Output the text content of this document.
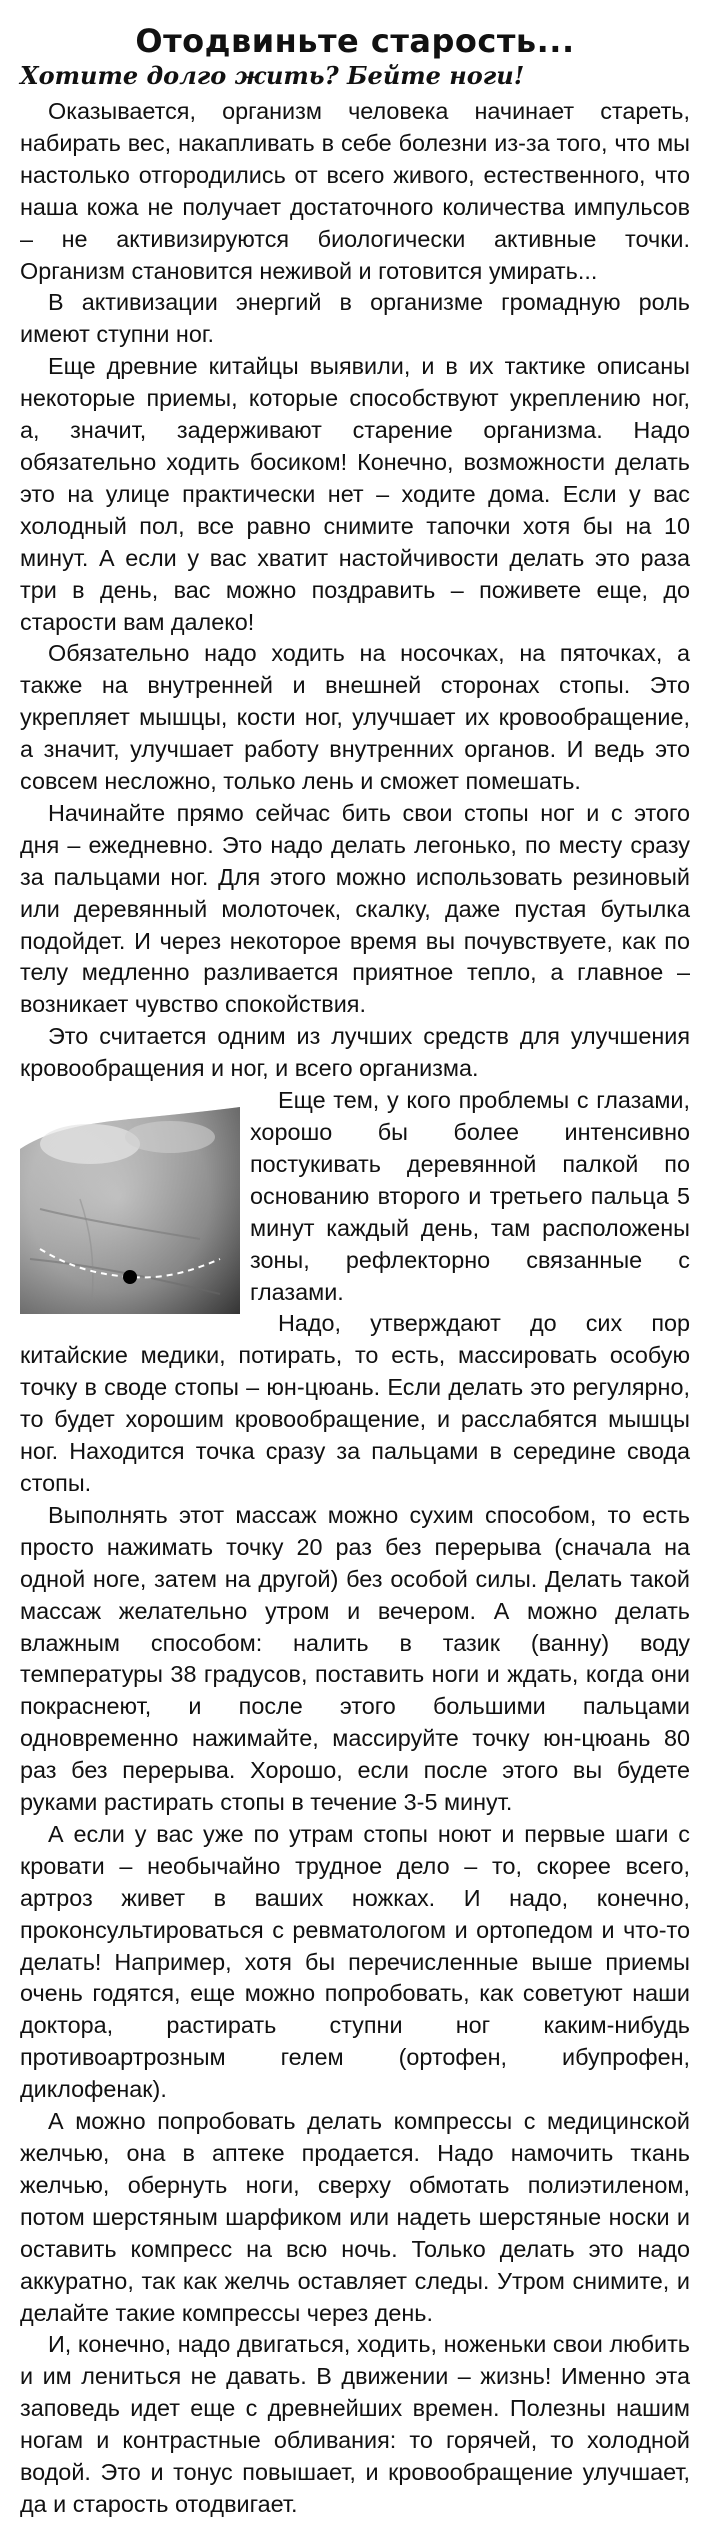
Отодвиньте старость...
Хотите долго жить? Бейте ноги!

Оказывается, организм человека начинает стареть, набирать вес, накапливать в себе болезни из-за того, что мы настолько отгородились от всего живого, естественного, что наша кожа не получает достаточного количества импульсов – не активизируются биологически активные точки. Организм становится неживой и готовится умирать...

В активизации энергий в организме громадную роль имеют ступни ног.

Еще древние китайцы выявили, и в их тактике описаны некоторые приемы, которые способствуют укреплению ног, а, значит, задерживают старение организма. Надо обязательно ходить босиком! Конечно, возможности делать это на улице практически нет – ходите дома. Если у вас холодный пол, все равно снимите тапочки хотя бы на 10 минут. А если у вас хватит настойчивости делать это раза три в день, вас можно поздравить – поживете еще, до старости вам далеко!

Обязательно надо ходить на носочках, на пяточках, а также на внутренней и внешней сторонах стопы. Это укрепляет мышцы, кости ног, улучшает их кровообращение, а значит, улучшает работу внутренних органов. И ведь это совсем несложно, только лень и сможет помешать.

Начинайте прямо сейчас бить свои стопы ног и с этого дня – ежедневно. Это надо делать легонько, по месту сразу за пальцами ног. Для этого можно использовать резиновый или деревянный молоточек, скалку, даже пустая бутылка подойдет. И через некоторое время вы почувствуете, как по телу медленно разливается приятное тепло, а главное – возникает чувство спокойствия.

Это считается одним из лучших средств для улучшения кровообращения и ног, и всего организма.

Еще тем, у кого проблемы с глазами, хорошо бы более интенсивно постукивать деревянной палкой по основанию второго и третьего пальца 5 минут каждый день, там расположены зоны, рефлекторно связанные с глазами.

Надо, утверждают до сих пор китайские медики, потирать, то есть, массировать особую точку в своде стопы – юн-цюань. Если делать это регулярно, то будет хорошим кровообращение, и расслабятся мышцы ног. Находится точка сразу за пальцами в середине свода стопы.

Выполнять этот массаж можно сухим способом, то есть просто нажимать точку 20 раз без перерыва (сначала на одной ноге, затем на другой) без особой силы. Делать такой массаж желательно утром и вечером. А можно делать влажным способом: налить в тазик (ванну) воду температуры 38 градусов, поставить ноги и ждать, когда они покраснеют, и после этого большими пальцами одновременно нажимайте, массируйте точку юн-цюань 80 раз без перерыва. Хорошо, если после этого вы будете руками растирать стопы в течение 3-5 минут.

А если у вас уже по утрам стопы ноют и первые шаги с кровати – необычайно трудное дело – то, скорее всего, артроз живет в ваших ножках. И надо, конечно, проконсультироваться с ревматологом и ортопедом и что-то делать! Например, хотя бы перечисленные выше приемы очень годятся, еще можно попробовать, как советуют наши доктора, растирать ступни ног каким-нибудь противоартрозным гелем (ортофен, ибупрофен, диклофенак).

А можно попробовать делать компрессы с медицинской желчью, она в аптеке продается. Надо намочить ткань желчью, обернуть ноги, сверху обмотать полиэтиленом, потом шерстяным шарфиком или надеть шерстяные носки и оставить компресс на всю ночь. Только делать это надо аккуратно, так как желчь оставляет следы. Утром снимите, и делайте такие компрессы через день.

И, конечно, надо двигаться, ходить, ноженьки свои любить и им лениться не давать. В движении – жизнь! Именно эта заповедь идет еще с древнейших времен. Полезны нашим ногам и контрастные обливания: то горячей, то холодной водой. Это и тонус повышает, и кровообращение улучшает, да и старость отодвигает.
